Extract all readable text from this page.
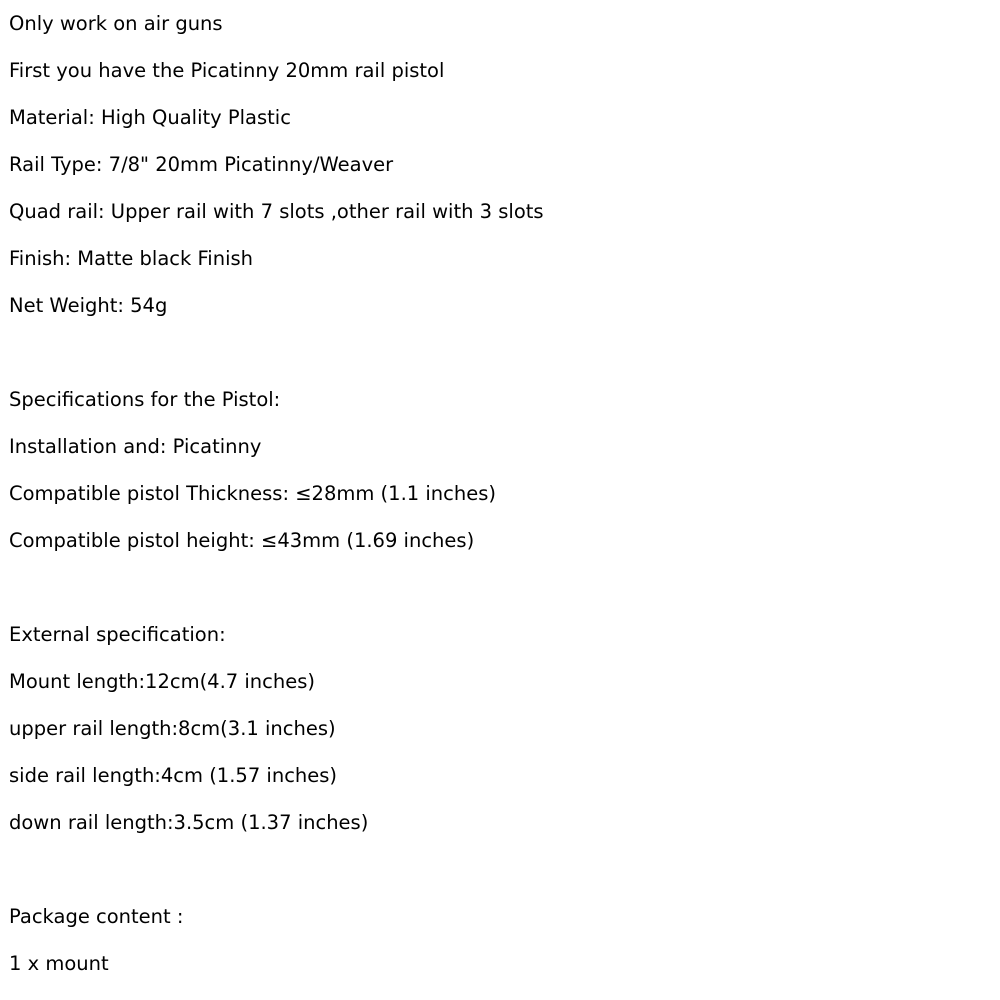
Only work on air guns
First you have the Picatinny 20mm rail pistol
Material: High Quality Plastic
Rail Type: 7/8" 20mm Picatinny/Weaver
Quad rail: Upper rail with 7 slots ,other rail with 3 slots
Finish: Matte black Finish
Net Weight: 54g
Specifications for the Pistol:
Installation and: Picatinny
Compatible pistol Thickness: ≤28mm (1.1 inches)
Compatible pistol height: ≤43mm (1.69 inches)
External specification:
Mount length:12cm(4.7 inches)
upper rail length:8cm(3.1 inches)
side rail length:4cm (1.57 inches)
down rail length:3.5cm (1.37 inches)
Package content :
1 x mount
